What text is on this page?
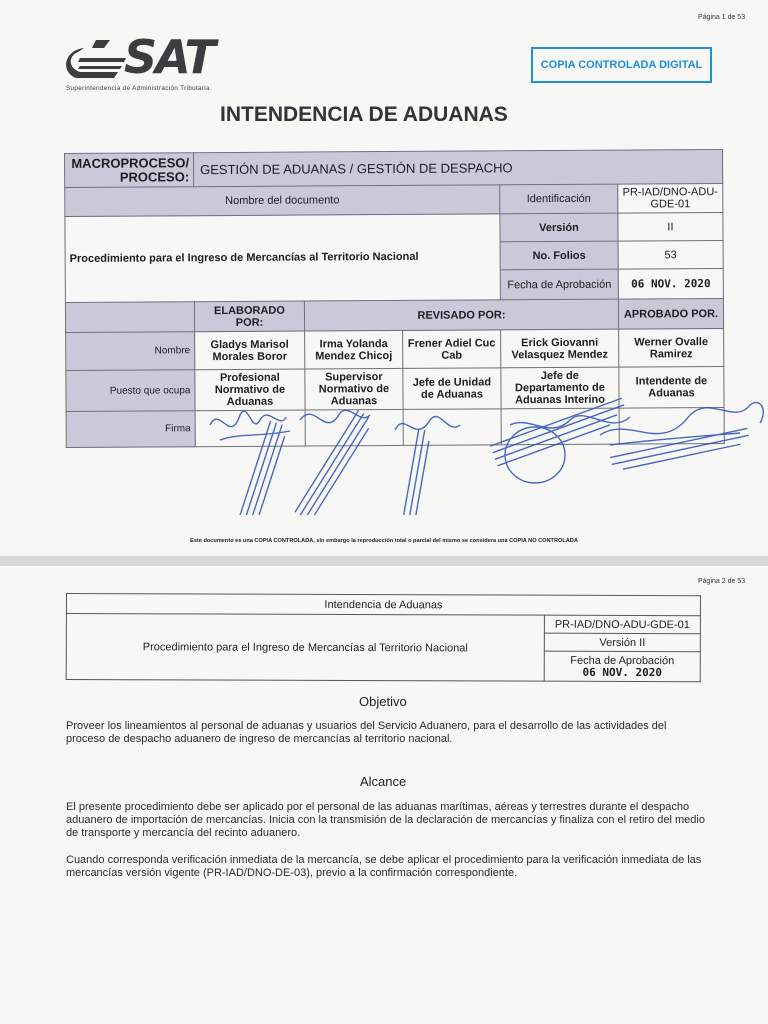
Página 1 de 53
SAT
Superintendencia de Administración Tributaria
COPIA CONTROLADA DIGITAL
INTENDENCIA DE ADUANAS
MACROPROCESO/ PROCESO:	GESTIÓN DE ADUANAS / GESTIÓN DE DESPACHO				
Nombre del documento				Identificación	PR-IAD/DNO-ADU-GDE-01
Procedimiento para el Ingreso de Mercancías al Territorio Nacional				Versión	II
				No. Folios	53
				Fecha de Aprobación	06 NOV. 2020
	ELABORADO POR:	REVISADO POR:			APROBADO POR.
Nombre	Gladys Marisol Morales Boror	Irma Yolanda Mendez Chicoj	Frener Adiel Cuc Cab	Erick Giovanni Velasquez Mendez	Werner Ovalle Ramirez
Puesto que ocupa	Profesional Normativo de Aduanas	Supervisor Normativo de Aduanas	Jefe de Unidad de Aduanas	Jefe de Departamento de Aduanas Interino	Intendente de Aduanas
Firma					
Este documento es una COPIA CONTROLADA, sin embargo la reproducción total o parcial del mismo se considera una COPIA NO CONTROLADA
Página 2 de 53
Intendencia de Aduanas
Procedimiento para el Ingreso de Mercancías al Territorio Nacional	PR-IAD/DNO-ADU-GDE-01
Versión II

Fecha de Aprobación
06 NOV. 2020
Objetivo
Proveer los lineamientos al personal de aduanas y usuarios del Servicio Aduanero, para el desarrollo de las actividades del proceso de despacho aduanero de ingreso de mercancías al territorio nacional.
Alcance
El presente procedimiento debe ser aplicado por el personal de las aduanas marítimas, aéreas y terrestres durante el despacho aduanero de importación de mercancías. Inicia con la transmisión de la declaración de mercancías y finaliza con el retiro del medio de transporte y mercancía del recinto aduanero.
Cuando corresponda verificación inmediata de la mercancía, se debe aplicar el procedimiento para la verificación inmediata de las mercancías versión vigente (PR-IAD/DNO-DE-03), previo a la confirmación correspondiente.
